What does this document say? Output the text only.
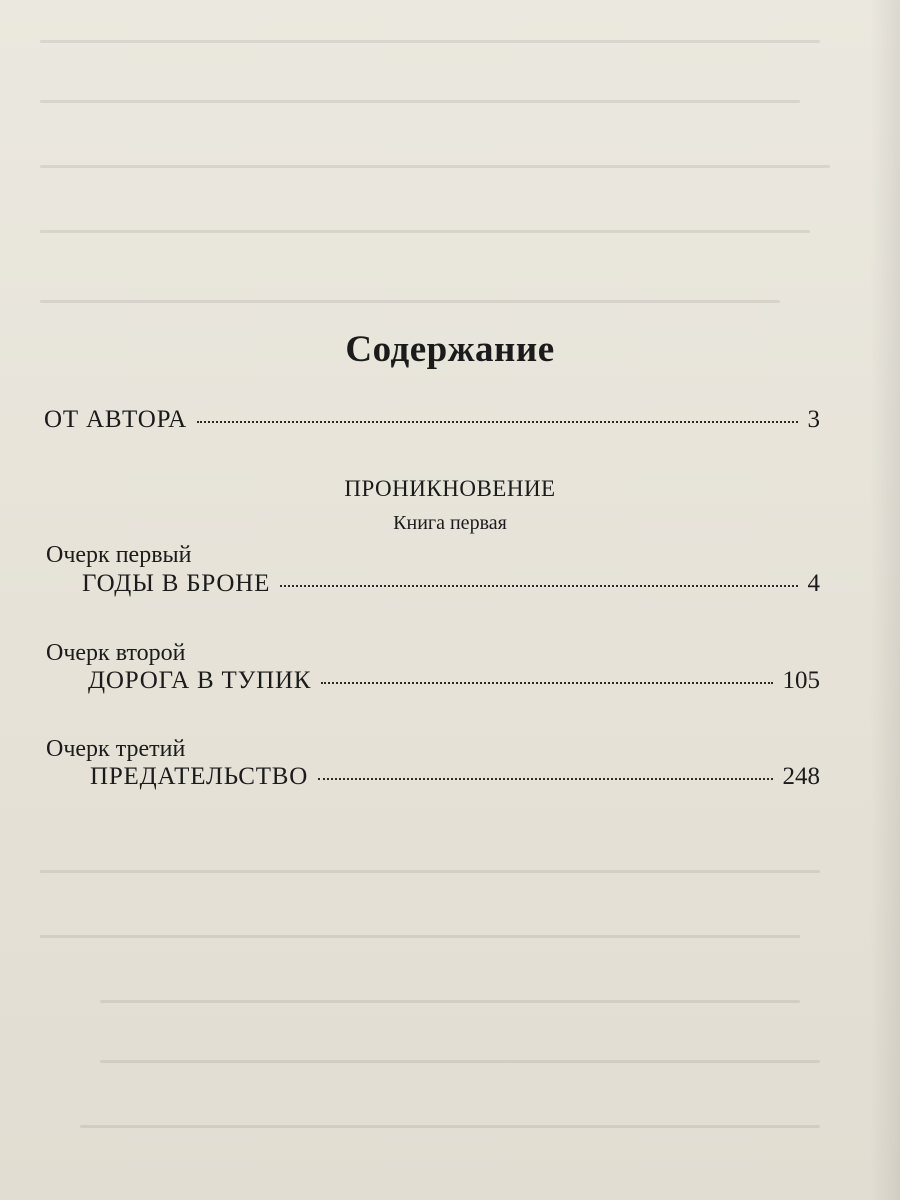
Содержание
ОТ АВТОРА	3
ПРОНИКНОВЕНИЕ
Книга первая
Очерк первый
ГОДЫ В БРОНЕ	4
Очерк второй
ДОРОГА В ТУПИК	105
Очерк третий
ПРЕДАТЕЛЬСТВО	248
